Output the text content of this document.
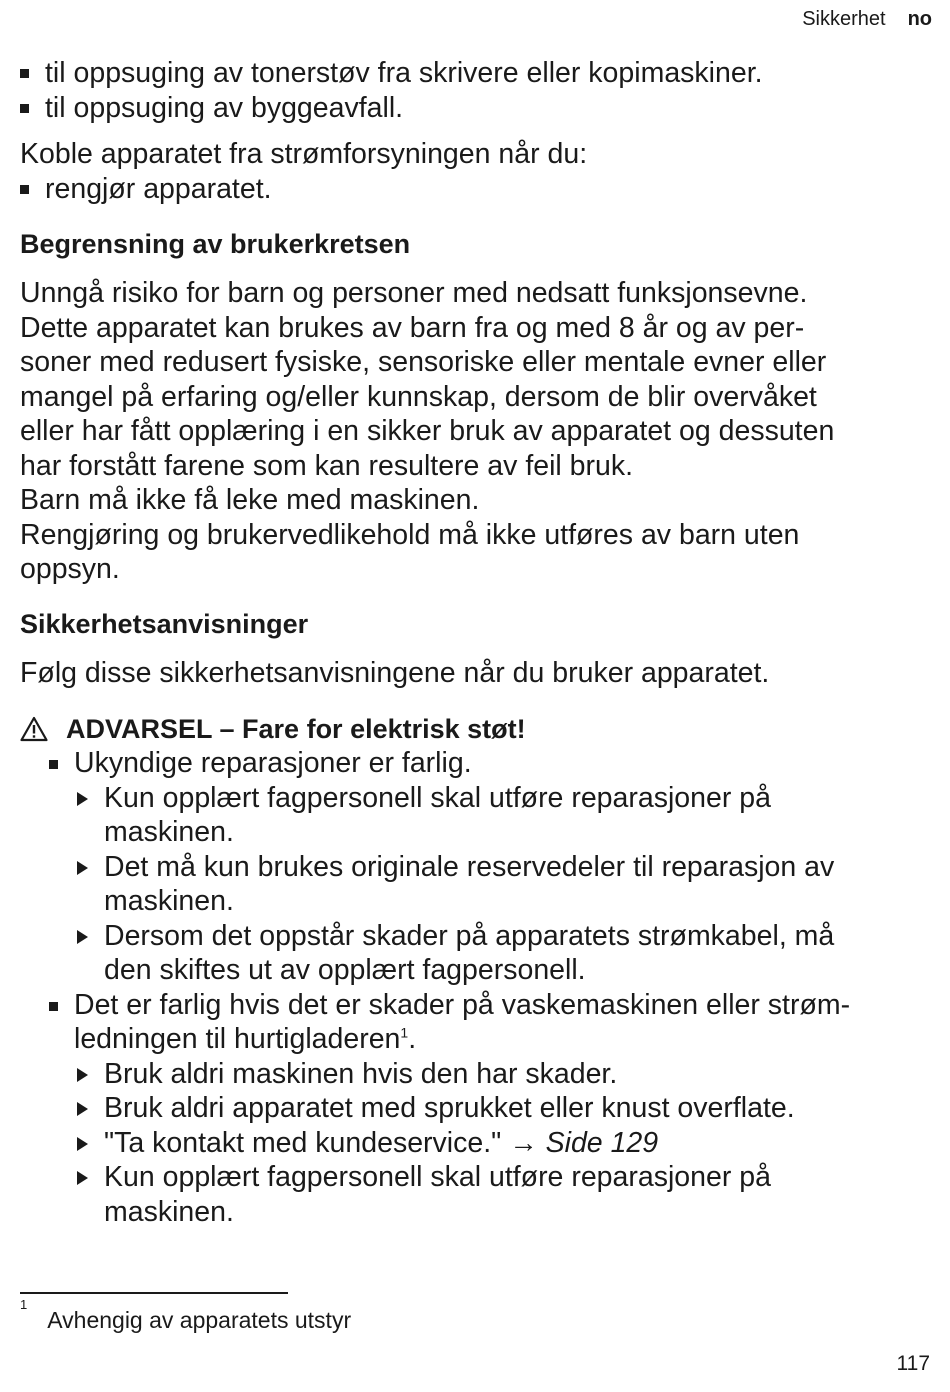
Sikkerhet no
til oppsuging av tonerstøv fra skrivere eller kopimaskiner.
til oppsuging av byggeavfall.

Koble apparatet fra strømforsyningen når du:

rengjør apparatet.
Begrensning av brukerkretsen

Unngå risiko for barn og personer med nedsatt funksjonsevne.

Dette apparatet kan brukes av barn fra og med 8 år og av per-

soner med redusert fysiske, sensoriske eller mentale evner eller

mangel på erfaring og/eller kunnskap, dersom de blir overvåket

eller har fått opplæring i en sikker bruk av apparatet og dessuten

har forstått farene som kan resultere av feil bruk.

Barn må ikke få leke med maskinen.

Rengjøring og brukervedlikehold må ikke utføres av barn uten

oppsyn.

Sikkerhetsanvisninger

Følg disse sikkerhetsanvisningene når du bruker apparatet.

ADVARSEL – Fare for elektrisk støt!
Ukyndige reparasjoner er farlig.
Kun opplært fagpersonell skal utføre reparasjoner på
maskinen.
Det må kun brukes originale reservedeler til reparasjon av
maskinen.
Dersom det oppstår skader på apparatets strømkabel, må
den skiftes ut av opplært fagpersonell.
Det er farlig hvis det er skader på vaskemaskinen eller strøm-
ledningen til hurtigladeren$^1$.
Bruk aldri maskinen hvis den har skader.
Bruk aldri apparatet med sprukket eller knust overflate.
"Ta kontakt med kundeservice." → Side 129
Kun opplært fagpersonell skal utføre reparasjoner på
maskinen.
1
Avhengig av apparatets utstyr
117
